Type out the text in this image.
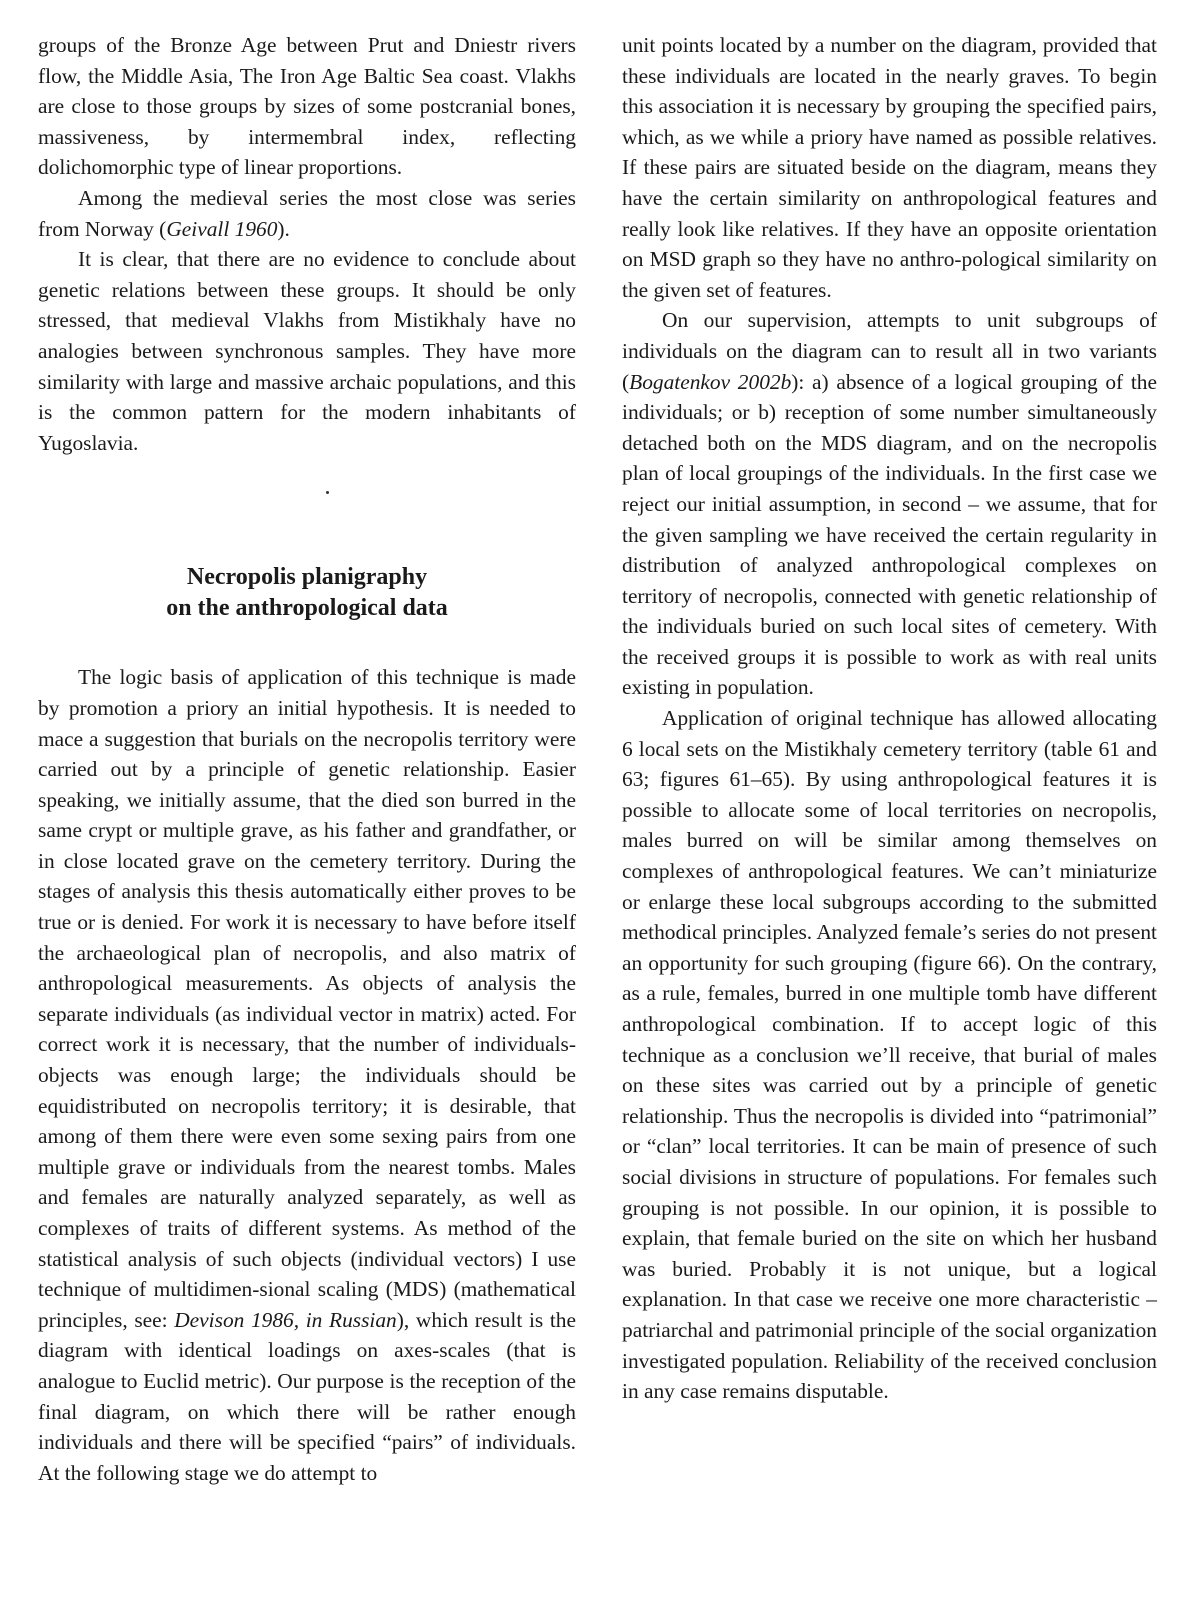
groups of the Bronze Age between Prut and Dniestr rivers flow, the Middle Asia, The Iron Age Baltic Sea coast. Vlakhs are close to those groups by sizes of some postcranial bones, massiveness, by intermembral index, reflecting dolichomorphic type of linear proportions.

Among the medieval series the most close was series from Norway (Geivall 1960).

It is clear, that there are no evidence to conclude about genetic relations between these groups. It should be only stressed, that medieval Vlakhs from Mistikhaly have no analogies between synchronous samples. They have more similarity with large and massive archaic populations, and this is the common pattern for the modern inhabitants of Yugoslavia.

Necropolis planigraphy
on the anthropological data

The logic basis of application of this technique is made by promotion a priory an initial hypothesis. It is needed to mace a suggestion that burials on the necropolis territory were carried out by a principle of genetic relationship. Easier speaking, we initially assume, that the died son burred in the same crypt or multiple grave, as his father and grandfather, or in close located grave on the cemetery territory. During the stages of analysis this thesis automatically either proves to be true or is denied. For work it is necessary to have before itself the archaeological plan of necropolis, and also matrix of anthropological measurements. As objects of analysis the separate individuals (as individual vector in matrix) acted. For correct work it is necessary, that the number of individuals-objects was enough large; the individuals should be equidistributed on necropolis territory; it is desirable, that among of them there were even some sexing pairs from one multiple grave or individuals from the nearest tombs. Males and females are naturally analyzed separately, as well as complexes of traits of different systems. As method of the statistical analysis of such objects (individual vectors) I use technique of multidimen-sional scaling (MDS) (mathematical principles, see: Devison 1986, in Russian), which result is the diagram with identical loadings on axes-scales (that is analogue to Euclid metric). Our purpose is the reception of the final diagram, on which there will be rather enough individuals and there will be specified “pairs” of individuals. At the following stage we do attempt to

unit points located by a number on the diagram, provided that these individuals are located in the nearly graves. To begin this association it is necessary by grouping the specified pairs, which, as we while a priory have named as possible relatives. If these pairs are situated beside on the diagram, means they have the certain similarity on anthropological features and really look like relatives. If they have an opposite orientation on MSD graph so they have no anthro-pological similarity on the given set of features.

On our supervision, attempts to unit subgroups of individuals on the diagram can to result all in two variants (Bogatenkov 2002b): a) absence of a logical grouping of the individuals; or b) reception of some number simultaneously detached both on the MDS diagram, and on the necropolis plan of local groupings of the individuals. In the first case we reject our initial assumption, in second – we assume, that for the given sampling we have received the certain regularity in distribution of analyzed anthropological complexes on territory of necropolis, connected with genetic relationship of the individuals buried on such local sites of cemetery. With the received groups it is possible to work as with real units existing in population.

Application of original technique has allowed allocating 6 local sets on the Mistikhaly cemetery territory (table 61 and 63; figures 61–65). By using anthropological features it is possible to allocate some of local territories on necropolis, males burred on will be similar among themselves on complexes of anthropological features. We can’t miniaturize or enlarge these local subgroups according to the submitted methodical principles. Analyzed female’s series do not present an opportunity for such grouping (figure 66). On the contrary, as a rule, females, burred in one multiple tomb have different anthropological combination. If to accept logic of this technique as a conclusion we’ll receive, that burial of males on these sites was carried out by a principle of genetic relationship. Thus the necropolis is divided into “patrimonial” or “clan” local territories. It can be main of presence of such social divisions in structure of populations. For females such grouping is not possible. In our opinion, it is possible to explain, that female buried on the site on which her husband was buried. Probably it is not unique, but a logical explanation. In that case we receive one more characteristic – patriarchal and patrimonial principle of the social organization investigated population. Reliability of the received conclusion in any case remains disputable.
